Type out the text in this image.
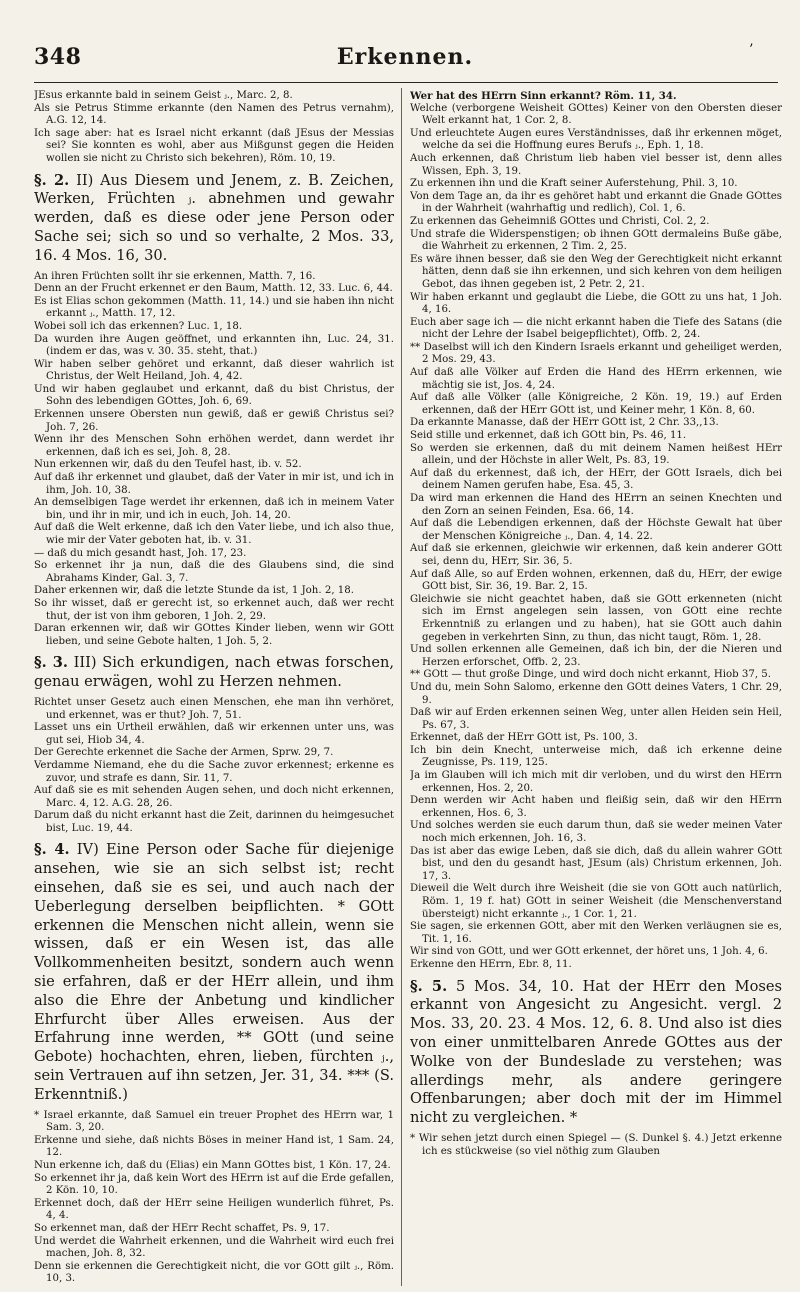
348	Erkennen.	’

JEsus erkannte bald in seinem Geist ⱼ., Marc. 2, 8.

Als sie Petrus Stimme erkannte (den Namen des Petrus vernahm), A.G. 12, 14.

Ich sage aber: hat es Israel nicht erkannt (daß JEsus der Messias sei? Sie konnten es wohl, aber aus Mißgunst gegen die Heiden wollen sie nicht zu Christo sich bekehren), Röm. 10, 19.

§. 2. II) Aus Diesem und Jenem, z. B. Zeichen, Werken, Früchten ⱼ. abnehmen und gewahr werden, daß es diese oder jene Person oder Sache sei; sich so und so verhalte, 2 Mos. 33, 16. 4 Mos. 16, 30.

An ihren Früchten sollt ihr sie erkennen, Matth. 7, 16.

Denn an der Frucht erkennet er den Baum, Matth. 12, 33. Luc. 6, 44.

Es ist Elias schon gekommen (Matth. 11, 14.) und sie haben ihn nicht erkannt ⱼ., Matth. 17, 12.

Wobei soll ich das erkennen? Luc. 1, 18.

Da wurden ihre Augen geöffnet, und erkannten ihn, Luc. 24, 31. (indem er das, was v. 30. 35. steht, that.)

Wir haben selber gehöret und erkannt, daß dieser wahrlich ist Christus, der Welt Heiland, Joh. 4, 42.

Und wir haben geglaubet und erkannt, daß du bist Christus, der Sohn des lebendigen GOttes, Joh. 6, 69.

Erkennen unsere Obersten nun gewiß, daß er gewiß Christus sei? Joh. 7, 26.

Wenn ihr des Menschen Sohn erhöhen werdet, dann werdet ihr erkennen, daß ich es sei, Joh. 8, 28.

Nun erkennen wir, daß du den Teufel hast, ib. v. 52.

Auf daß ihr erkennet und glaubet, daß der Vater in mir ist, und ich in ihm, Joh. 10, 38.

An demselbigen Tage werdet ihr erkennen, daß ich in meinem Vater bin, und ihr in mir, und ich in euch, Joh. 14, 20.

Auf daß die Welt erkenne, daß ich den Vater liebe, und ich also thue, wie mir der Vater geboten hat, ib. v. 31.

— daß du mich gesandt hast, Joh. 17, 23.

So erkennet ihr ja nun, daß die des Glaubens sind, die sind Abrahams Kinder, Gal. 3, 7.

Daher erkennen wir, daß die letzte Stunde da ist, 1 Joh. 2, 18.

So ihr wisset, daß er gerecht ist, so erkennet auch, daß wer recht thut, der ist von ihm geboren, 1 Joh. 2, 29.

Daran erkennen wir, daß wir GOttes Kinder lieben, wenn wir GOtt lieben, und seine Gebote halten, 1 Joh. 5, 2.

§. 3. III) Sich erkundigen, nach etwas forschen, genau erwägen, wohl zu Herzen nehmen.

Richtet unser Gesetz auch einen Menschen, ehe man ihn verhöret, und erkennet, was er thut? Joh. 7, 51.

Lasset uns ein Urtheil erwählen, daß wir erkennen unter uns, was gut sei, Hiob 34, 4.

Der Gerechte erkennet die Sache der Armen, Sprw. 29, 7.

Verdamme Niemand, ehe du die Sache zuvor erkennest; erkenne es zuvor, und strafe es dann, Sir. 11, 7.

Auf daß sie es mit sehenden Augen sehen, und doch nicht erkennen, Marc. 4, 12. A.G. 28, 26.

Darum daß du nicht erkannt hast die Zeit, darinnen du heimgesuchet bist, Luc. 19, 44.

§. 4. IV) Eine Person oder Sache für diejenige ansehen, wie sie an sich selbst ist; recht einsehen, daß sie es sei, und auch nach der Ueberlegung derselben beipflichten. * GOtt erkennen die Menschen nicht allein, wenn sie wissen, daß er ein Wesen ist, das alle Vollkommenheiten besitzt, sondern auch wenn sie erfahren, daß er der HErr allein, und ihm also die Ehre der Anbetung und kindlicher Ehrfurcht über Alles erweisen. Aus der Erfahrung inne werden, ** GOtt (und seine Gebote) hochachten, ehren, lieben, fürchten ⱼ., sein Vertrauen auf ihn setzen, Jer. 31, 34. *** (S. Erkenntniß.)

* Israel erkannte, daß Samuel ein treuer Prophet des HErrn war, 1 Sam. 3, 20.

Erkenne und siehe, daß nichts Böses in meiner Hand ist, 1 Sam. 24, 12.

Nun erkenne ich, daß du (Elias) ein Mann GOttes bist, 1 Kön. 17, 24.

So erkennet ihr ja, daß kein Wort des HErrn ist auf die Erde gefallen, 2 Kön. 10, 10.

Erkennet doch, daß der HErr seine Heiligen wunderlich führet, Ps. 4, 4.

So erkennet man, daß der HErr Recht schaffet, Ps. 9, 17.

Und werdet die Wahrheit erkennen, und die Wahrheit wird euch frei machen, Joh. 8, 32.

Denn sie erkennen die Gerechtigkeit nicht, die vor GOtt gilt ⱼ., Röm. 10, 3.

Wer hat des HErrn Sinn erkannt? Röm. 11, 34.

Welche (verborgene Weisheit GOttes) Keiner von den Obersten dieser Welt erkannt hat, 1 Cor. 2, 8.

Und erleuchtete Augen eures Verständnisses, daß ihr erkennen möget, welche da sei die Hoffnung eures Berufs ⱼ., Eph. 1, 18.

Auch erkennen, daß Christum lieb haben viel besser ist, denn alles Wissen, Eph. 3, 19.

Zu erkennen ihn und die Kraft seiner Auferstehung, Phil. 3, 10.

Von dem Tage an, da ihr es gehöret habt und erkannt die Gnade GOttes in der Wahrheit (wahrhaftig und redlich), Col. 1, 6.

Zu erkennen das Geheimniß GOttes und Christi, Col. 2, 2.

Und strafe die Widerspenstigen; ob ihnen GOtt dermaleins Buße gäbe, die Wahrheit zu erkennen, 2 Tim. 2, 25.

Es wäre ihnen besser, daß sie den Weg der Gerechtigkeit nicht erkannt hätten, denn daß sie ihn erkennen, und sich kehren von dem heiligen Gebot, das ihnen gegeben ist, 2 Petr. 2, 21.

Wir haben erkannt und geglaubt die Liebe, die GOtt zu uns hat, 1 Joh. 4, 16.

Euch aber sage ich — die nicht erkannt haben die Tiefe des Satans (die nicht der Lehre der Isabel beigepflichtet), Offb. 2, 24.

** Daselbst will ich den Kindern Israels erkannt und geheiliget werden, 2 Mos. 29, 43.

Auf daß alle Völker auf Erden die Hand des HErrn erkennen, wie mächtig sie ist, Jos. 4, 24.

Auf daß alle Völker (alle Königreiche, 2 Kön. 19, 19.) auf Erden erkennen, daß der HErr GOtt ist, und Keiner mehr, 1 Kön. 8, 60.

Da erkannte Manasse, daß der HErr GOtt ist, 2 Chr. 33,,13.

Seid stille und erkennet, daß ich GOtt bin, Ps. 46, 11.

So werden sie erkennen, daß du mit deinem Namen heißest HErr allein, und der Höchste in aller Welt, Ps. 83, 19.

Auf daß du erkennest, daß ich, der HErr, der GOtt Israels, dich bei deinem Namen gerufen habe, Esa. 45, 3.

Da wird man erkennen die Hand des HErrn an seinen Knechten und den Zorn an seinen Feinden, Esa. 66, 14.

Auf daß die Lebendigen erkennen, daß der Höchste Gewalt hat über der Menschen Königreiche ⱼ., Dan. 4, 14. 22.

Auf daß sie erkennen, gleichwie wir erkennen, daß kein anderer GOtt sei, denn du, HErr, Sir. 36, 5.

Auf daß Alle, so auf Erden wohnen, erkennen, daß du, HErr, der ewige GOtt bist, Sir. 36, 19. Bar. 2, 15.

Gleichwie sie nicht geachtet haben, daß sie GOtt erkenneten (nicht sich im Ernst angelegen sein lassen, von GOtt eine rechte Erkenntniß zu erlangen und zu haben), hat sie GOtt auch dahin gegeben in verkehrten Sinn, zu thun, das nicht taugt, Röm. 1, 28.

Und sollen erkennen alle Gemeinen, daß ich bin, der die Nieren und Herzen erforschet, Offb. 2, 23.

** GOtt — thut große Dinge, und wird doch nicht erkannt, Hiob 37, 5.

Und du, mein Sohn Salomo, erkenne den GOtt deines Vaters, 1 Chr. 29, 9.

Daß wir auf Erden erkennen seinen Weg, unter allen Heiden sein Heil, Ps. 67, 3.

Erkennet, daß der HErr GOtt ist, Ps. 100, 3.

Ich bin dein Knecht, unterweise mich, daß ich erkenne deine Zeugnisse, Ps. 119, 125.

Ja im Glauben will ich mich mit dir verloben, und du wirst den HErrn erkennen, Hos. 2, 20.

Denn werden wir Acht haben und fleißig sein, daß wir den HErrn erkennen, Hos. 6, 3.

Und solches werden sie euch darum thun, daß sie weder meinen Vater noch mich erkennen, Joh. 16, 3.

Das ist aber das ewige Leben, daß sie dich, daß du allein wahrer GOtt bist, und den du gesandt hast, JEsum (als) Christum erkennen, Joh. 17, 3.

Dieweil die Welt durch ihre Weisheit (die sie von GOtt auch natürlich, Röm. 1, 19 f. hat) GOtt in seiner Weisheit (die Menschenverstand übersteigt) nicht erkannte ⱼ., 1 Cor. 1, 21.

Sie sagen, sie erkennen GOtt, aber mit den Werken verläugnen sie es, Tit. 1, 16.

Wir sind von GOtt, und wer GOtt erkennet, der höret uns, 1 Joh. 4, 6.

Erkenne den HErrn, Ebr. 8, 11.

§. 5. 5 Mos. 34, 10. Hat der HErr den Moses erkannt von Angesicht zu Angesicht. vergl. 2 Mos. 33, 20. 23. 4 Mos. 12, 6. 8. Und also ist dies von einer unmittelbaren Anrede GOttes aus der Wolke von der Bundeslade zu verstehen; was allerdings mehr, als andere geringere Offenbarungen; aber doch mit der im Himmel nicht zu vergleichen. *

* Wir sehen jetzt durch einen Spiegel — (S. Dunkel §. 4.) Jetzt erkenne ich es stückweise (so viel nöthig zum Glauben
